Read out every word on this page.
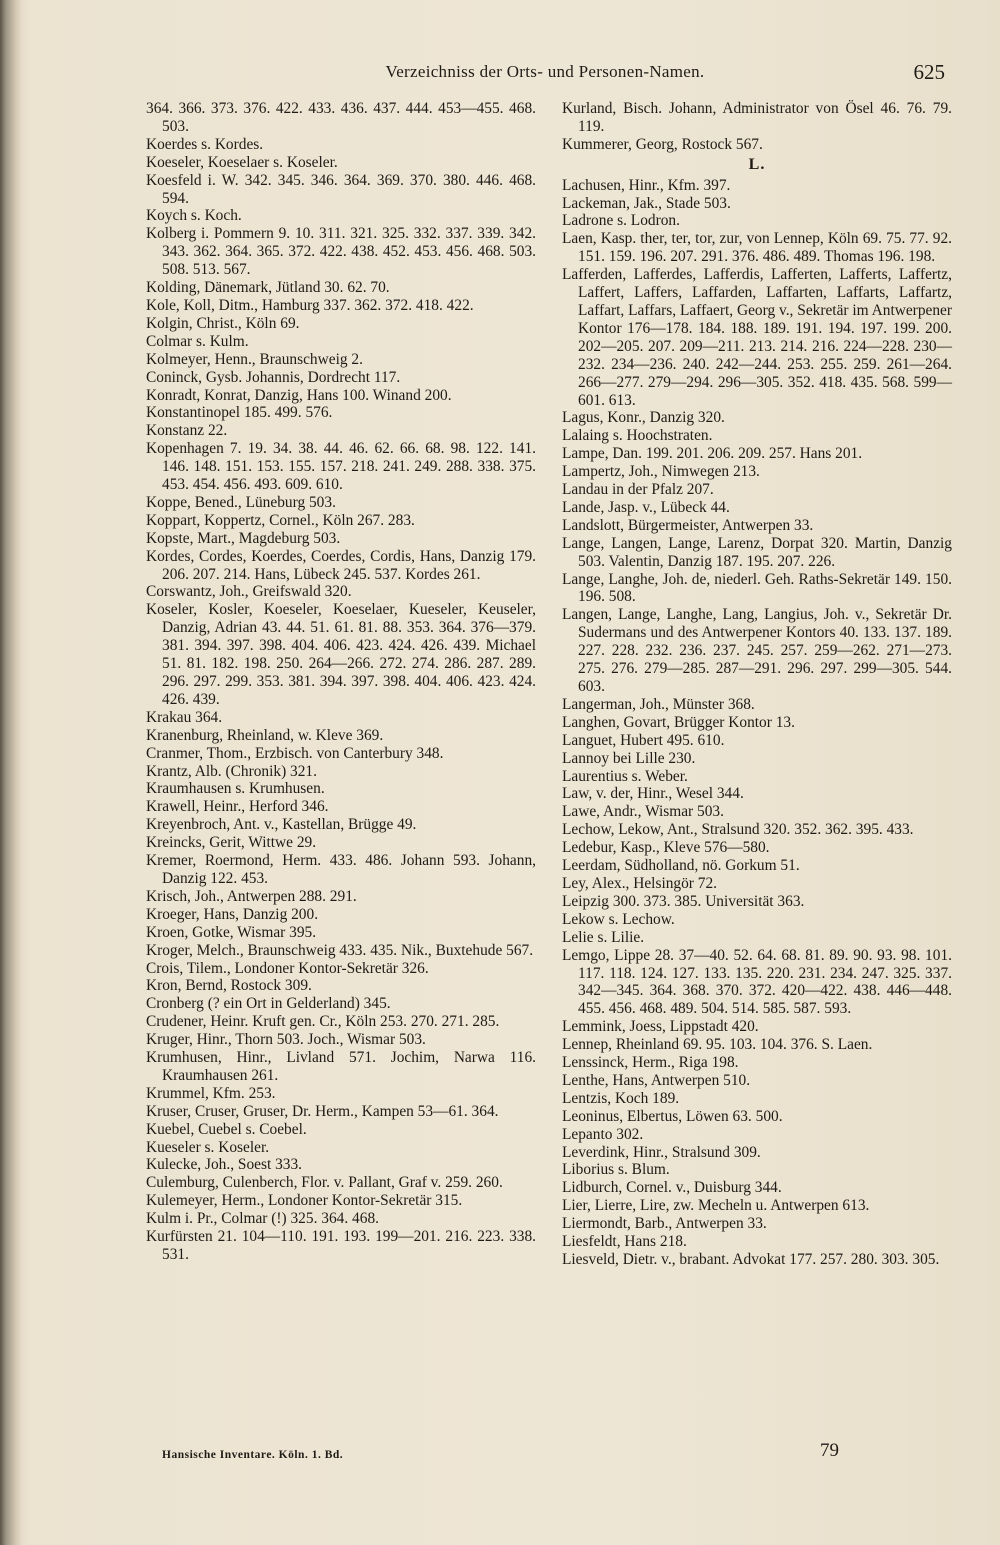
Verzeichniss der Orts- und Personen-Namen.	625
364. 366. 373. 376. 422. 433. 436. 437. 444. 453—455. 468. 503.
Koerdes s. Kordes.
Koeseler, Koeselaer s. Koseler.
Koesfeld i. W. 342. 345. 346. 364. 369. 370. 380. 446. 468. 594.
Koych s. Koch.
Kolberg i. Pommern 9. 10. 311. 321. 325. 332. 337. 339. 342. 343. 362. 364. 365. 372. 422. 438. 452. 453. 456. 468. 503. 508. 513. 567.
Kolding, Dänemark, Jütland 30. 62. 70.
Kole, Koll, Ditm., Hamburg 337. 362. 372. 418. 422.
Kolgin, Christ., Köln 69.
Colmar s. Kulm.
Kolmeyer, Henn., Braunschweig 2.
Coninck, Gysb. Johannis, Dordrecht 117.
Konradt, Konrat, Danzig, Hans 100. Winand 200.
Konstantinopel 185. 499. 576.
Konstanz 22.
Kopenhagen 7. 19. 34. 38. 44. 46. 62. 66. 68. 98. 122. 141. 146. 148. 151. 153. 155. 157. 218. 241. 249. 288. 338. 375. 453. 454. 456. 493. 609. 610.
Koppe, Bened., Lüneburg 503.
Koppart, Koppertz, Cornel., Köln 267. 283.
Kopste, Mart., Magdeburg 503.
Kordes, Cordes, Koerdes, Coerdes, Cordis, Hans, Danzig 179. 206. 207. 214. Hans, Lübeck 245. 537. Kordes 261.
Corswantz, Joh., Greifswald 320.
Koseler, Kosler, Koeseler, Koeselaer, Kueseler, Keuseler, Danzig, Adrian 43. 44. 51. 61. 81. 88. 353. 364. 376—379. 381. 394. 397. 398. 404. 406. 423. 424. 426. 439. Michael 51. 81. 182. 198. 250. 264—266. 272. 274. 286. 287. 289. 296. 297. 299. 353. 381. 394. 397. 398. 404. 406. 423. 424. 426. 439.
Krakau 364.
Kranenburg, Rheinland, w. Kleve 369.
Cranmer, Thom., Erzbisch. von Canterbury 348.
Krantz, Alb. (Chronik) 321.
Kraumhausen s. Krumhusen.
Krawell, Heinr., Herford 346.
Kreyenbroch, Ant. v., Kastellan, Brügge 49.
Kreincks, Gerit, Wittwe 29.
Kremer, Roermond, Herm. 433. 486. Johann 593. Johann, Danzig 122. 453.
Krisch, Joh., Antwerpen 288. 291.
Kroeger, Hans, Danzig 200.
Kroen, Gotke, Wismar 395.
Kroger, Melch., Braunschweig 433. 435. Nik., Buxtehude 567.
Crois, Tilem., Londoner Kontor-Sekretär 326.
Kron, Bernd, Rostock 309.
Cronberg (? ein Ort in Gelderland) 345.
Crudener, Heinr. Kruft gen. Cr., Köln 253. 270. 271. 285.
Kruger, Hinr., Thorn 503. Joch., Wismar 503.
Krumhusen, Hinr., Livland 571. Jochim, Narwa 116. Kraumhausen 261.
Krummel, Kfm. 253.
Kruser, Cruser, Gruser, Dr. Herm., Kampen 53—61. 364.
Kuebel, Cuebel s. Coebel.
Kueseler s. Koseler.
Kulecke, Joh., Soest 333.
Culemburg, Culenberch, Flor. v. Pallant, Graf v. 259. 260.
Kulemeyer, Herm., Londoner Kontor-Sekretär 315.
Kulm i. Pr., Colmar (!) 325. 364. 468.
Kurfürsten 21. 104—110. 191. 193. 199—201. 216. 223. 338. 531.
Kurland, Bisch. Johann, Administrator von Ösel 46. 76. 79. 119.
Kummerer, Georg, Rostock 567.
L.
Lachusen, Hinr., Kfm. 397.
Lackeman, Jak., Stade 503.
Ladrone s. Lodron.
Laen, Kasp. ther, ter, tor, zur, von Lennep, Köln 69. 75. 77. 92. 151. 159. 196. 207. 291. 376. 486. 489. Thomas 196. 198.
Lafferden, Lafferdes, Lafferdis, Lafferten, Lafferts, Laffertz, Laffert, Laffers, Laffarden, Laffarten, Laffarts, Laffartz, Laffart, Laffars, Laffaert, Georg v., Sekretär im Antwerpener Kontor 176—178. 184. 188. 189. 191. 194. 197. 199. 200. 202—205. 207. 209—211. 213. 214. 216. 224—228. 230—232. 234—236. 240. 242—244. 253. 255. 259. 261—264. 266—277. 279—294. 296—305. 352. 418. 435. 568. 599—601. 613.
Lagus, Konr., Danzig 320.
Lalaing s. Hoochstraten.
Lampe, Dan. 199. 201. 206. 209. 257. Hans 201.
Lampertz, Joh., Nimwegen 213.
Landau in der Pfalz 207.
Lande, Jasp. v., Lübeck 44.
Landslott, Bürgermeister, Antwerpen 33.
Lange, Langen, Lange, Larenz, Dorpat 320. Martin, Danzig 503. Valentin, Danzig 187. 195. 207. 226.
Lange, Langhe, Joh. de, niederl. Geh. Raths-Sekretär 149. 150. 196. 508.
Langen, Lange, Langhe, Lang, Langius, Joh. v., Sekretär Dr. Sudermans und des Antwerpener Kontors 40. 133. 137. 189. 227. 228. 232. 236. 237. 245. 257. 259—262. 271—273. 275. 276. 279—285. 287—291. 296. 297. 299—305. 544. 603.
Langerman, Joh., Münster 368.
Langhen, Govart, Brügger Kontor 13.
Languet, Hubert 495. 610.
Lannoy bei Lille 230.
Laurentius s. Weber.
Law, v. der, Hinr., Wesel 344.
Lawe, Andr., Wismar 503.
Lechow, Lekow, Ant., Stralsund 320. 352. 362. 395. 433.
Ledebur, Kasp., Kleve 576—580.
Leerdam, Südholland, nö. Gorkum 51.
Ley, Alex., Helsingör 72.
Leipzig 300. 373. 385. Universität 363.
Lekow s. Lechow.
Lelie s. Lilie.
Lemgo, Lippe 28. 37—40. 52. 64. 68. 81. 89. 90. 93. 98. 101. 117. 118. 124. 127. 133. 135. 220. 231. 234. 247. 325. 337. 342—345. 364. 368. 370. 372. 420—422. 438. 446—448. 455. 456. 468. 489. 504. 514. 585. 587. 593.
Lemmink, Joess, Lippstadt 420.
Lennep, Rheinland 69. 95. 103. 104. 376. S. Laen.
Lenssinck, Herm., Riga 198.
Lenthe, Hans, Antwerpen 510.
Lentzis, Koch 189.
Leoninus, Elbertus, Löwen 63. 500.
Lepanto 302.
Leverdink, Hinr., Stralsund 309.
Liborius s. Blum.
Lidburch, Cornel. v., Duisburg 344.
Lier, Lierre, Lire, zw. Mecheln u. Antwerpen 613.
Liermondt, Barb., Antwerpen 33.
Liesfeldt, Hans 218.
Liesveld, Dietr. v., brabant. Advokat 177. 257. 280. 303. 305.
Hansische Inventare. Köln. 1. Bd.	79
